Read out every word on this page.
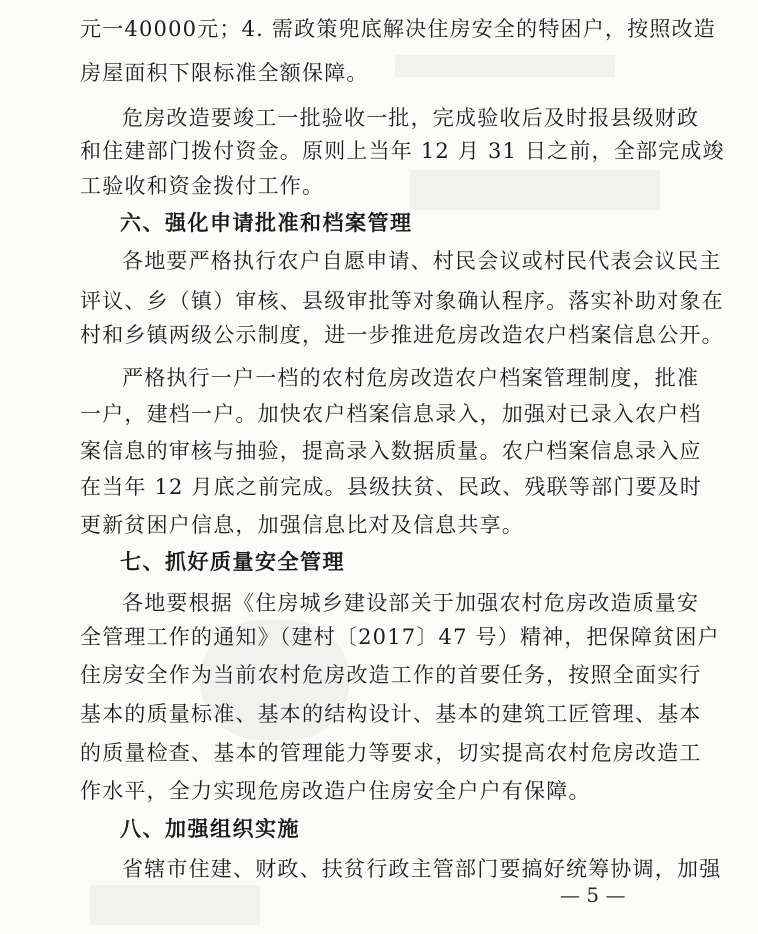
元一40000元；4. 需政策兜底解决住房安全的特困户，按照改造
房屋面积下限标准全额保障。
危房改造要竣工一批验收一批，完成验收后及时报县级财政
和住建部门拨付资金。原则上当年 12 月 31 日之前，全部完成竣
工验收和资金拨付工作。
六、强化申请批准和档案管理
各地要严格执行农户自愿申请、村民会议或村民代表会议民主
评议、乡（镇）审核、县级审批等对象确认程序。落实补助对象在
村和乡镇两级公示制度，进一步推进危房改造农户档案信息公开。
严格执行一户一档的农村危房改造农户档案管理制度，批准
一户，建档一户。加快农户档案信息录入，加强对已录入农户档
案信息的审核与抽验，提高录入数据质量。农户档案信息录入应
在当年 12 月底之前完成。县级扶贫、民政、残联等部门要及时
更新贫困户信息，加强信息比对及信息共享。
七、抓好质量安全管理
各地要根据《住房城乡建设部关于加强农村危房改造质量安
全管理工作的通知》（建村〔2017〕47 号）精神，把保障贫困户
住房安全作为当前农村危房改造工作的首要任务，按照全面实行
基本的质量标准、基本的结构设计、基本的建筑工匠管理、基本
的质量检查、基本的管理能力等要求，切实提高农村危房改造工
作水平，全力实现危房改造户住房安全户户有保障。
八、加强组织实施
省辖市住建、财政、扶贫行政主管部门要搞好统筹协调，加强
— 5 —
